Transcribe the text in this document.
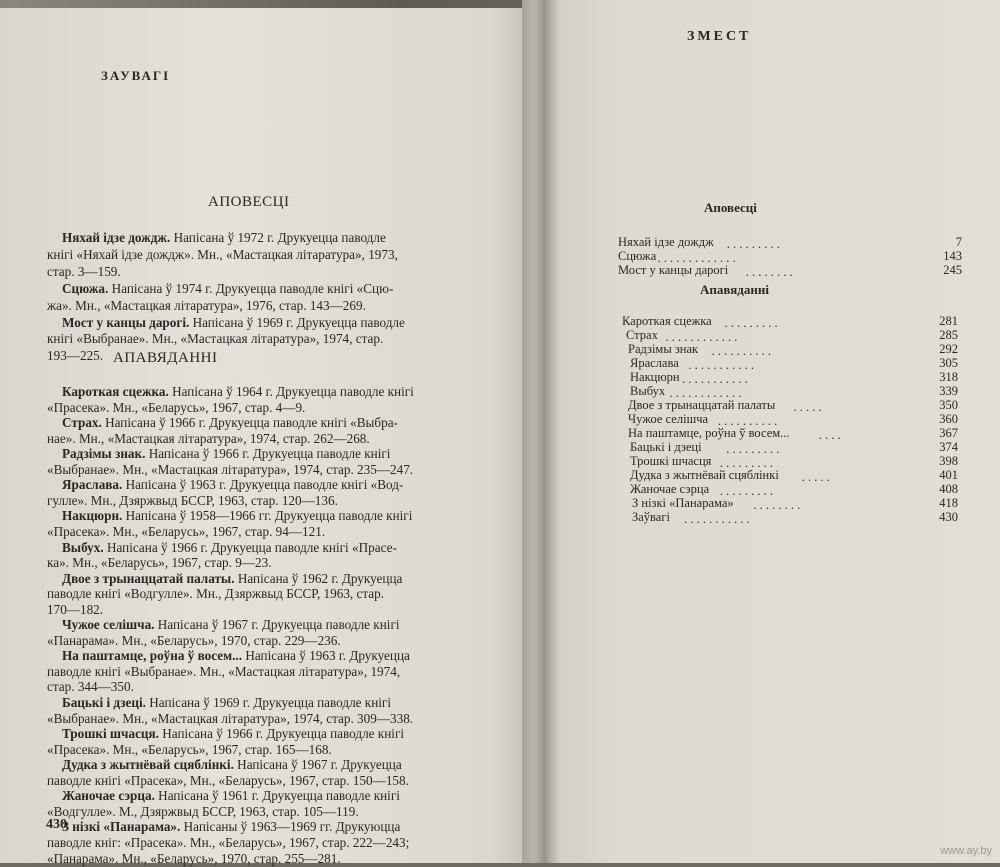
ЗАУВАГІ
АПОВЕСЦІ
АПАВЯДАННІ
Няхай ідзе дождж. Напісана ў 1972 г. Друкуецца паводле
кнігі «Няхай ідзе дождж». Мн., «Мастацкая літаратура», 1973,
стар. 3—159.
Сцюжа. Напісана ў 1974 г. Друкуецца паводле кнігі «Сцю-
жа». Мн., «Мастацкая літаратура», 1976, стар. 143—269.
Мост у канцы дарогі. Напісана ў 1969 г. Друкуецца паводле
кнігі «Выбранае». Мн., «Мастацкая літаратура», 1974, стар.
193—225.
Кароткая сцежка. Напісана ў 1964 г. Друкуецца паводле кнігі
«Прасека». Мн., «Беларусь», 1967, стар. 4—9.
Страх. Напісана ў 1966 г. Друкуецца паводле кнігі «Выбра-
нае». Мн., «Мастацкая літаратура», 1974, стар. 262—268.
Радзімы знак. Напісана ў 1966 г. Друкуецца паводле кнігі
«Выбранае». Мн., «Мастацкая літаратура», 1974, стар. 235—247.
Ярaслава. Напісана ў 1963 г. Друкуецца паводле кнігі «Вод-
гулле». Мн., Дзяржвыд БССР, 1963, стар. 120—136.
Накцюрн. Напісана ў 1958—1966 гг. Друкуецца паводле кнігі
«Прасека». Мн., «Беларусь», 1967, стар. 94—121.
Выбух. Напісана ў 1966 г. Друкуецца паводле кнігі «Прасе-
ка». Мн., «Беларусь», 1967, стар. 9—23.
Двое з трынаццатай палаты. Напісана ў 1962 г. Друкуецца
паводле кнігі «Водгулле». Мн., Дзяржвыд БССР, 1963, стар.
170—182.
Чужое селішча. Напісана ў 1967 г. Друкуецца паводле кнігі
«Панарама». Мн., «Беларусь», 1970, стар. 229—236.
На паштамце, роўна ў восем... Напісана ў 1963 г. Друкуецца
паводле кнігі «Выбранае». Мн., «Мастацкая літаратура», 1974,
стар. 344—350.
Бацькі і дзеці. Напісана ў 1969 г. Друкуецца паводле кнігі
«Выбранае». Мн., «Мастацкая літаратура», 1974, стар. 309—338.
Трошкі шчасця. Напісана ў 1966 г. Друкуецца паводле кнігі
«Прасека». Мн., «Беларусь», 1967, стар. 165—168.
Дудка з жытнёвай сцяблінкі. Напісана ў 1967 г. Друкуецца
паводле кнігі «Прасека», Мн., «Беларусь», 1967, стар. 150—158.
Жаночае сэрца. Напісана ў 1961 г. Друкуецца паводле кнігі
«Водгулле». М., Дзяржвыд БССР, 1963, стар. 105—119.
З нізкі «Панарама». Напісаны ў 1963—1969 гг. Друкуюцца
паводле кніг: «Прасека». Мн., «Беларусь», 1967, стар. 222—243;
«Панарама». Мн., «Беларусь», 1970, стар. 255—281.
430
ЗМЕСТ
Аповесці
Апавяданні
Няхай ідзе дождж . . . . . . . . .	7
Сцюжа . . . . . . . . . . . . .	143
Мост у канцы дарогі . . . . . . . .	245
Кароткая сцежка . . . . . . . . .	281
Страх . . . . . . . . . . . .	285
Радзімы знак . . . . . . . . . .	292
Ярaслава . . . . . . . . . . .	305
Накцюрн . . . . . . . . . . .	318
Выбух . . . . . . . . . . . .	339
Двое з трынаццатай палаты . . . . .	350
Чужое селішча . . . . . . . . . .	360
На паштамце, роўна ў восем... . . . .	367
Бацькі і дзеці . . . . . . . . .	374
Трошкі шчасця . . . . . . . . .	398
Дудка з жытнёвай сцяблінкі . . . . .	401
Жаночае сэрца . . . . . . . . .	408
З нізкі «Панарама» . . . . . . . .	418
Заўвагі . . . . . . . . . . .	430
www.ay.by
